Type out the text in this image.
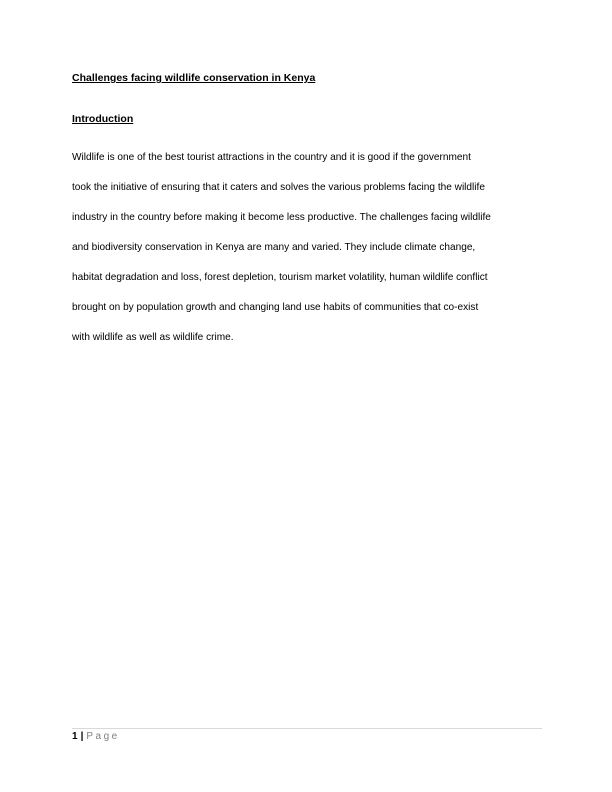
Challenges facing wildlife conservation in Kenya
Introduction
Wildlife is one of the best tourist attractions in the country and it is good if the government
took the initiative of ensuring that it caters and solves the various problems facing the wildlife
industry in the country before making it become less productive. The challenges facing wildlife
and biodiversity conservation in Kenya are many and varied. They include climate change,
habitat degradation and loss, forest depletion, tourism market volatility, human wildlife conflict
brought on by population growth and changing land use habits of communities that co-exist
with wildlife as well as wildlife crime.
1 | Page
